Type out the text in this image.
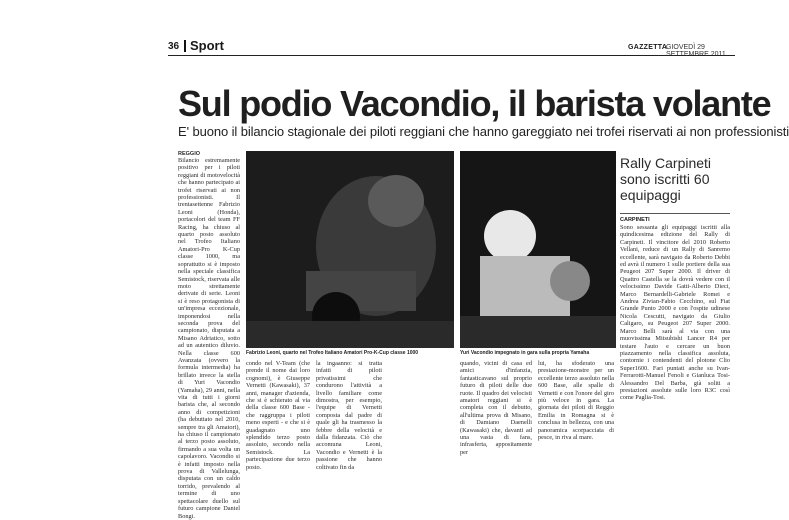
36 Sport	GAZZETTA
GIOVEDÌ 29
Sul podio Vacondio, il barista volante
E' buono il bilancio stagionale dei piloti reggiani che hanno gareggiato nei trofei riservati ai non professionisti
REGGIO
Bilancio estremamente positivo per i piloti reggiani di motovelocità che hanno partecipato ai trofei riservati ai non professionisti. Il trentasettenne Fabrizio Leoni (Honda), portacolori del team FF Racing, ha chiuso al quarto posto assoluto nel Trofeo Italiano Amatori-Pro K-Cup classe 1000, ma soprattutto si è imposto nella speciale classifica Semistock, riservata alle moto strettamente derivate di serie. Leoni si è reso protagonista di un'impresa eccezionale, imponendosi nella seconda prova del campionato, disputata a Misano Adriatico, sotto ad un autentico diluvio. Nella classe 600 Avanzata (ovvero la formula intermedia) ha brillato invece la stella di Yuri Vacondio (Yamaha), 29 anni, nella vita di tutti i giorni barista che, al secondo anno di competizioni (ha debuttato nel 2010, sempre tra gli Amatori), ha chiuso il campionato al terzo posto assoluto, firmando a sua volta un capolavoro. Vacondio si è infatti imposto nella prova di Vallelunga, disputata con un caldo torrido, prevalendo al termine di uno spettacolare duello sul futuro campione Daniel Bongi.
Fabrizio Leoni, quarto nel Trofeo Italiano Amatori Pro-K-Cup classe 1000	Yuri Vacondio impegnato in gara sulla propria Yamaha
condo nel V-Team (che prende il nome dai loro cognomi), è Giuseppe Vernetti (Kawasaki), 37 anni, manager d'azienda, che si è schierato al via della classe 600 Base - che raggruppa i piloti meno esperti - e che si è guadagnato uno splendido terzo posto assoluto, secondo nella Semistock. La partecipazione due terzo posto.
la ingaanno: si tratta infatti di piloti privatissimi che condurono l'attività a livello familiare come dimostra, per esempio, l'equipe di Vernetti composta dal padre di quale gli ha trasmesso la febbre della velocità e dalla fidanzata. Ciò che accomuna Leoni, Vacondio e Vernetti è la passione che hanno coltivato fin da
quando, vicini di casa ed amici d'infanzia, fantasticavano sul proprio futuro di piloti delle due ruote. Il quadro dei velocisti amatori reggiani si è completa con il debutto, all'ultima prova di Misano, di Damiano Daenelli (Kawasaki) che, davanti ad una vasta di fans, infrasferta, appositamente per
lui, ha sfoderato una prestazione-monstre per un eccellente terzo assoluto nella 600 Base, alle spalle di Vernetti e con l'onore del giro più veloce in gara. La giornata dei piloti di Reggio Emilia in Romagna si è conclusa in bellezza, con una panoramica scorpacciata di pesce, in riva al mare.
Rally Carpineti sono iscritti 60 equipaggi
CARPINETI
Sono sessanta gli equipaggi iscritti alla quindicesima edizione del Rally di Carpineti. Il vincitore del 2010 Roberto Vellani, reduce di un Rally di Sanremo eccellente, sarà navigato da Roberto Debbi ed avrà il numero 1 sulle portiere della sua Peugeot 207 Super 2000. Il driver di Quattro Castella se la dovrà vedere con il velocissimo Davide Gatti-Alberto Dieci, Marco Bernardelli-Gabriele Romei e Andrea Zivian-Fabio Cecchino, sul Fiat Grande Punto 2000 e con l'ospite udinese Nicola Cescutti, navigato da Giulio Caligaro, su Peugeot 207 Super 2000. Marco Belli sarà al via con una muovissima Mitsubishi Lancer R4 per testare l'auto e cercare un buon piazzamento nella classifica assoluta, contornie i contendenti del plotone Clio Super1600. Fari puntati anche su Ivan-Ferrarotti-Manuel Fenoli e Gianluca Tosi-Alessandro Del Barba, già soliti a prestazioni assolute sulle loro R3C così come Paglia-Tosi.
